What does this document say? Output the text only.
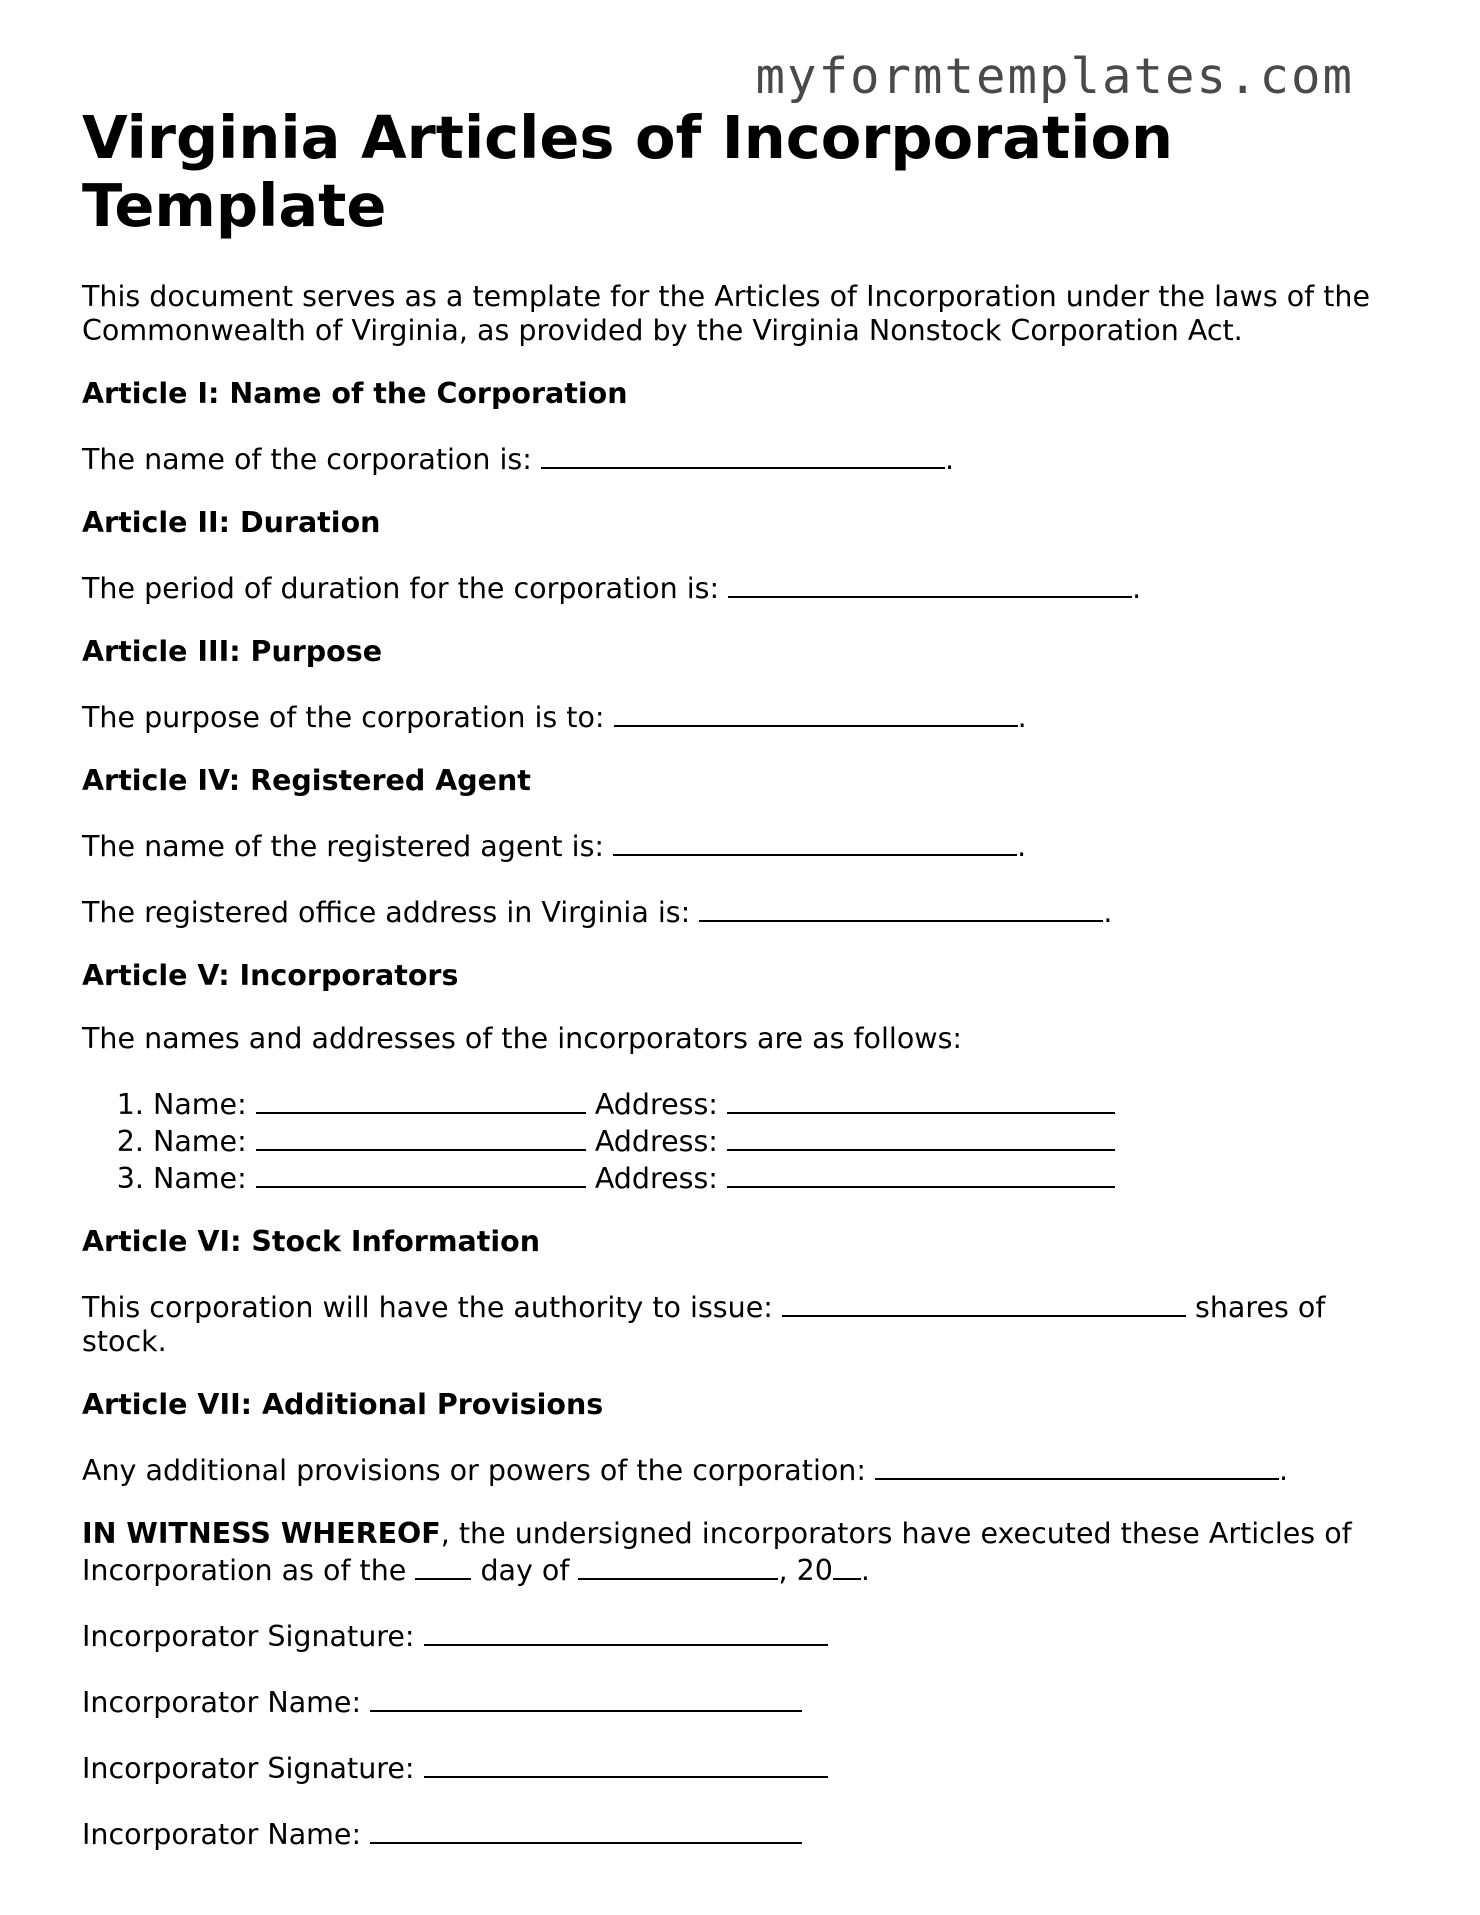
myformtemplates.com
Virginia Articles of Incorporation Template

This document serves as a template for the Articles of Incorporation under the laws of the Commonwealth of Virginia, as provided by the Virginia Nonstock Corporation Act.

Article I: Name of the Corporation

The name of the corporation is:	.

Article II: Duration

The period of duration for the corporation is:	.

Article III: Purpose

The purpose of the corporation is to:	.

Article IV: Registered Agent

The name of the registered agent is:	.

The registered office address in Virginia is:	.

Article V: Incorporators

The names and addresses of the incorporators are as follows:

1. Name:	Address:
2. Name:	Address:
3. Name:	Address:
Article VI: Stock Information

This corporation will have the authority to issue:	shares of stock.

Article VII: Additional Provisions

Any additional provisions or powers of the corporation:	.

IN WITNESS WHEREOF, the undersigned incorporators have executed these Articles of Incorporation as of the	day of	, 20 .

Incorporator Signature:

Incorporator Name:

Incorporator Signature:

Incorporator Name:
